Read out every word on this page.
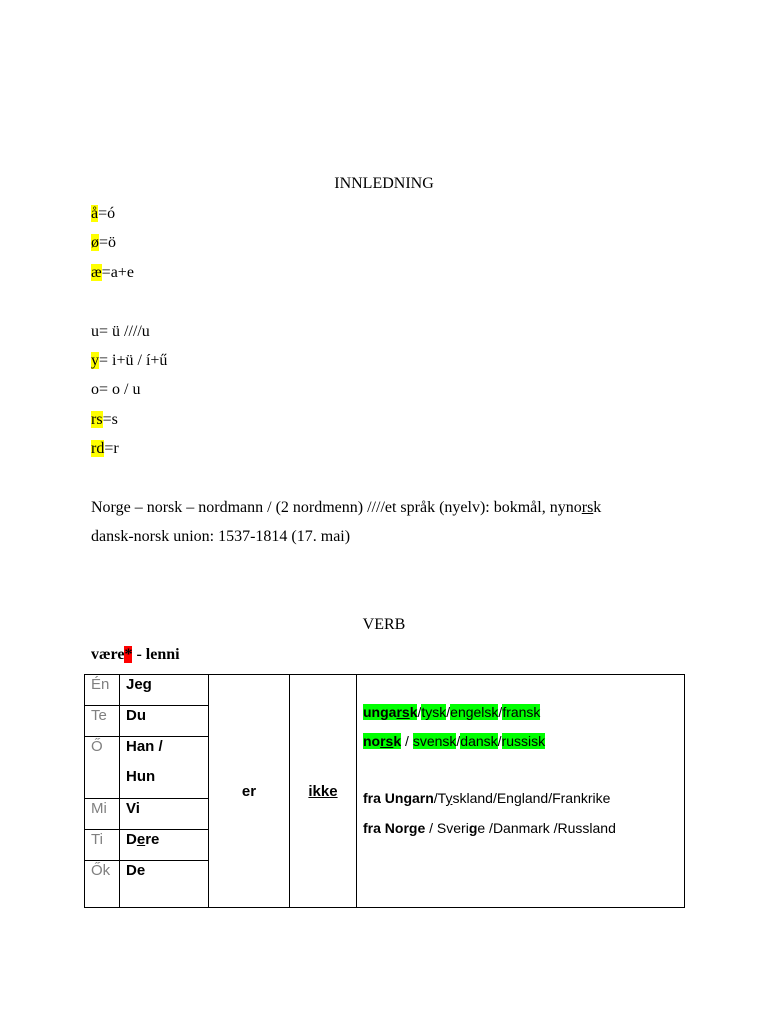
INNLEDNING
å=ó
ø=ö
æ=a+e
u= ü ////u
y= i+ü / í+ű
o= o / u
rs=s
rd=r
Norge – norsk – nordmann / (2 nordmenn) ////et språk (nyelv): bokmål, nynorsk
dansk-norsk union: 1537-1814 (17. mai)
VERB
være* - lenni
Én	Jeg	er	ikke	ungarsk/tysk/engelsk/fransk
norsk / svensk/dansk/russisk
fra Ungarn/Tyskland/England/Frankrike
fra Norge / Sverige /Danmark /Russland

Te	Du			
Ő	Han /			
	Hun			
Mi	Vi			
Ti	Dere			
Ők	De			
